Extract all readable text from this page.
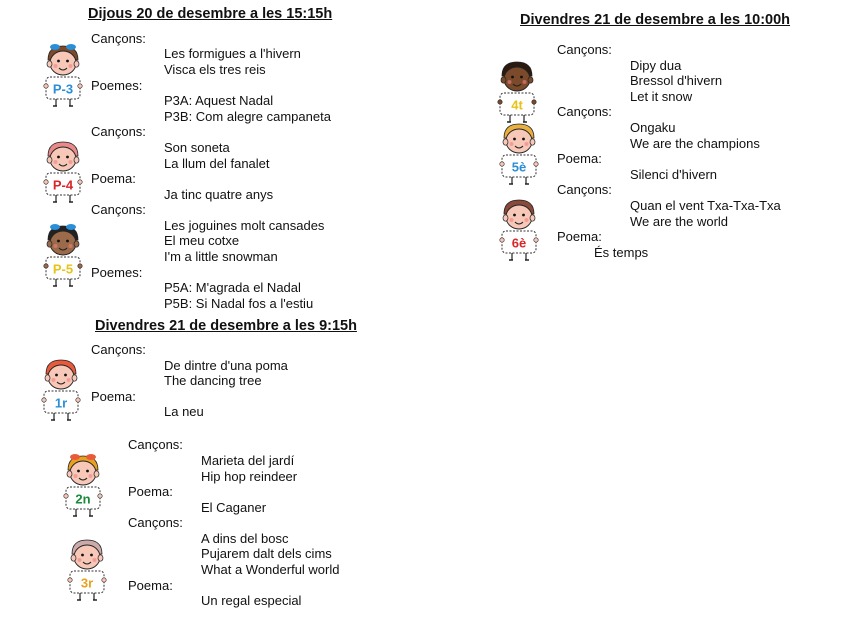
Dijous 20 de desembre a les 15:15h
P-3
Cançons:
Les formigues a l'hivern
Visca els tres reis
Poemes:
P3A: Aquest Nadal
P3B: Com alegre campaneta
P-4
Cançons:
Son soneta
La llum del fanalet
Poema:
Ja tinc quatre anys
P-5
Cançons:
Les joguines molt cansades
El meu cotxe
I'm a little snowman
Poemes:
P5A: M'agrada el Nadal
P5B: Si Nadal fos a l'estiu
Divendres 21 de desembre a les 9:15h
1r
Cançons:
De dintre d'una poma
The dancing tree
Poema:
La neu
2n
Cançons:
Marieta del jardí
Hip hop reindeer
Poema:
El Caganer
3r
Cançons:
A dins del bosc
Pujarem dalt dels cims
What a Wonderful world
Poema:
Un regal especial
Divendres 21 de desembre a les 10:00h
4t
Cançons:
Dipy dua
Bressol d'hivern
Let it snow
5è
Cançons:
Ongaku
We are the champions
Poema:
Silenci d'hivern
6è
Cançons:
Quan el vent Txa-Txa-Txa
We are the world
Poema:
És temps
